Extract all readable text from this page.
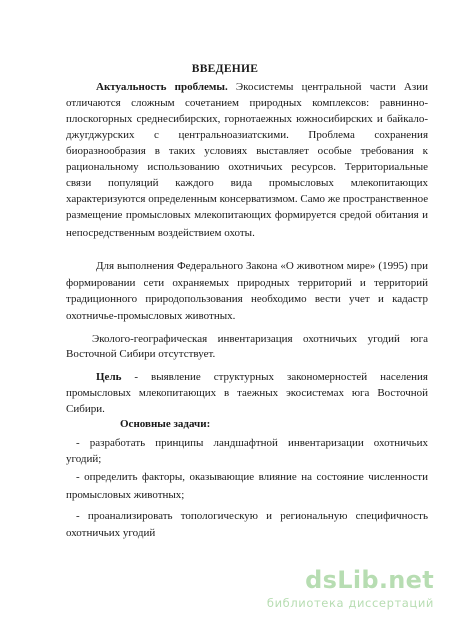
ВВЕДЕНИЕ
Актуальность проблемы. Экосистемы центральной части Азии
отличаются сложным сочетанием природных комплексов: равнинно-
плоскогорных среднесибирских, горнотаежных южносибирских и байкало-
джугджурских с центральноазиатскими. Проблема сохранения
биоразнообразия в таких условиях выставляет особые требования к
рациональному использованию охотничьих ресурсов. Территориальные
связи популяций каждого вида промысловых млекопитающих
характеризуются определенным консерватизмом. Само же пространственное
размещение промысловых млекопитающих формируется средой обитания и
непосредственным воздействием охоты.
Для выполнения Федерального Закона «О животном мире» (1995) при
формировании сети охраняемых природных территорий и территорий
традиционного природопользования необходимо вести учет и кадастр
охотничье-промысловых животных.
Эколого-географическая инвентаризация охотничьих угодий юга
Восточной Сибири отсутствует.
Цель - выявление структурных закономерностей населения
промысловых млекопитающих в таежных экосистемах юга Восточной
Сибири.
Основные задачи:
- разработать принципы ландшафтной инвентаризации охотничьих
угодий;
- определить факторы, оказывающие влияние на состояние численности
промысловых животных;
- проанализировать топологическую и региональную специфичность
охотничьих угодий
dsLib.net
библиотека диссертаций
